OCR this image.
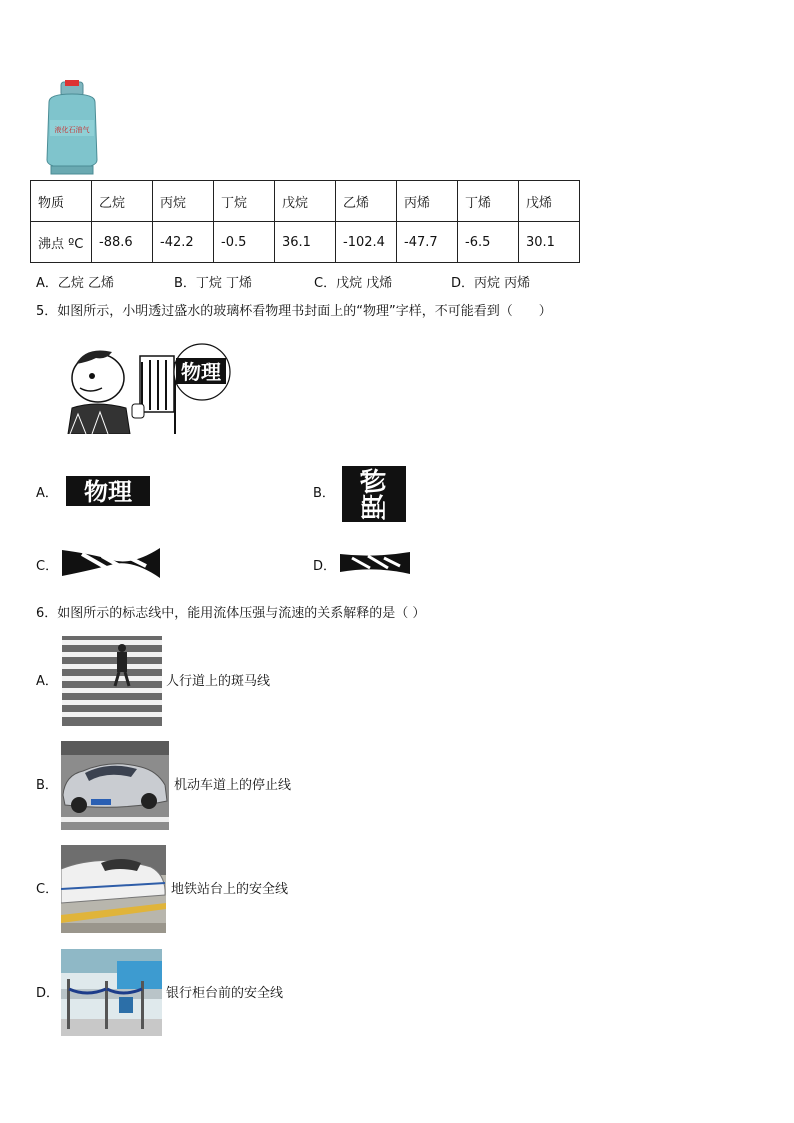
液化石油气
物质	乙烷	丙烷	丁烷	戊烷	乙烯	丙烯	丁烯	戊烯
沸点 ºC	-88.6	-42.2	-0.5	36.1	-102.4	-47.7	-6.5	30.1
A．乙烷 乙烯	B．丁烷 丁烯	C．戊烷 戊烯	D．丙烷 丙烯
5．如图所示，小明透过盛水的玻璃杯看物理书封面上的“物理”字样，不可能看到（　　）
物理
A． 物理	B． 物理
C．	D．
6．如图所示的标志线中，能用流体压强与流速的关系解释的是（ ）
A．	人行道上的斑马线
B．	机动车道上的停止线
C．	地铁站台上的安全线
D．	银行柜台前的安全线
